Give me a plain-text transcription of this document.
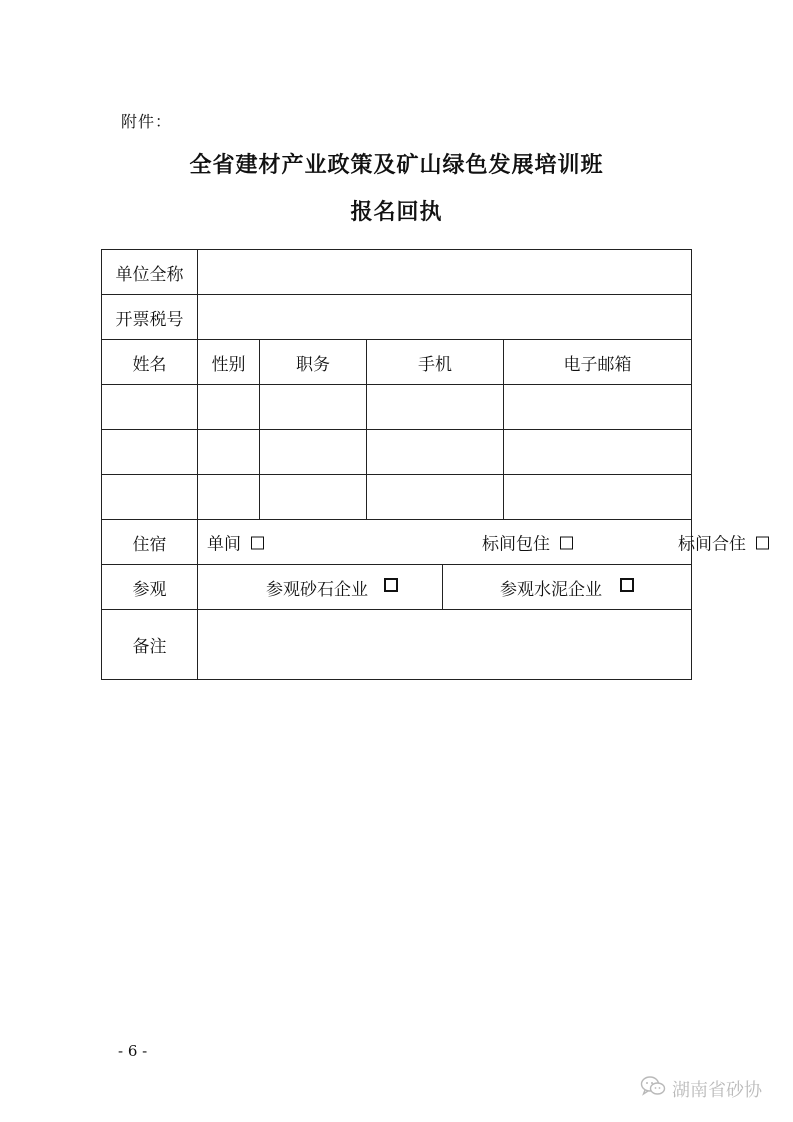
附件：
全省建材产业政策及矿山绿色发展培训班
报名回执
单位全称
开票税号
姓名	性别	职务	手机	电子邮箱
住宿	单间	标间包住	标间合住
参观	参观砂石企业	参观水泥企业
备注
- 6 -
湖南省砂协
